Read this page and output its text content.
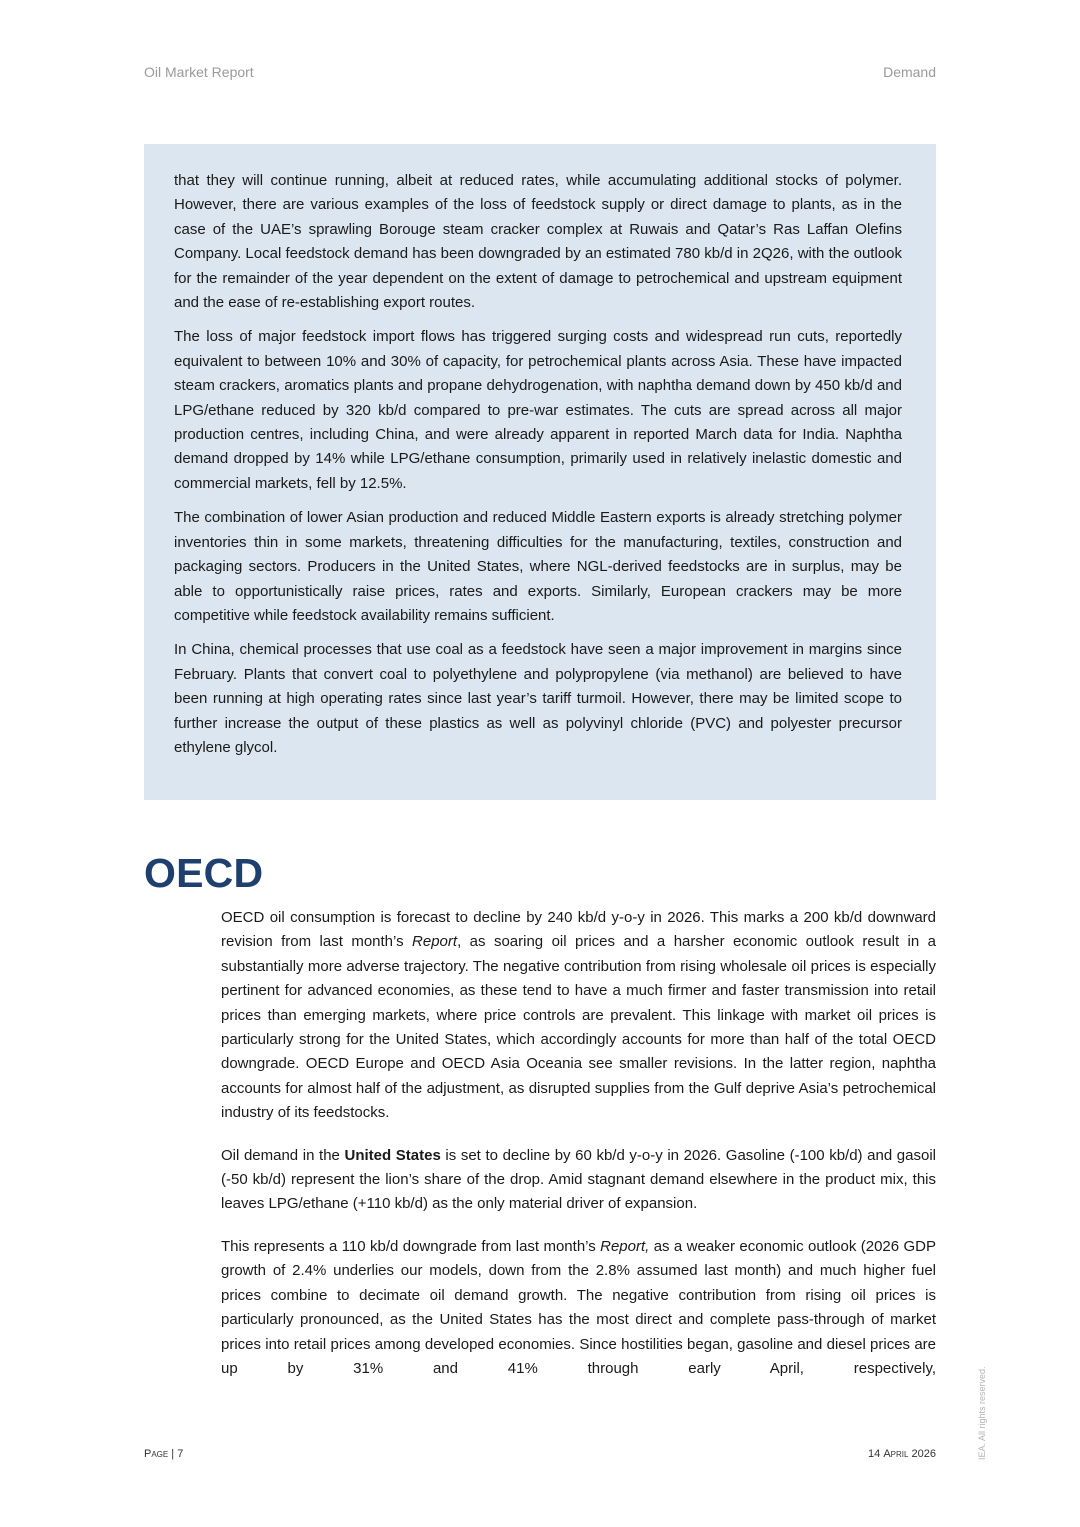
Oil Market Report	Demand

that they will continue running, albeit at reduced rates, while accumulating additional stocks of polymer. However, there are various examples of the loss of feedstock supply or direct damage to plants, as in the case of the UAE’s sprawling Borouge steam cracker complex at Ruwais and Qatar’s Ras Laffan Olefins Company. Local feedstock demand has been downgraded by an estimated 780 kb/d in 2Q26, with the outlook for the remainder of the year dependent on the extent of damage to petrochemical and upstream equipment and the ease of re-establishing export routes.

The loss of major feedstock import flows has triggered surging costs and widespread run cuts, reportedly equivalent to between 10% and 30% of capacity, for petrochemical plants across Asia. These have impacted steam crackers, aromatics plants and propane dehydrogenation, with naphtha demand down by 450 kb/d and LPG/ethane reduced by 320 kb/d compared to pre-war estimates. The cuts are spread across all major production centres, including China, and were already apparent in reported March data for India. Naphtha demand dropped by 14% while LPG/ethane consumption, primarily used in relatively inelastic domestic and commercial markets, fell by 12.5%.

The combination of lower Asian production and reduced Middle Eastern exports is already stretching polymer inventories thin in some markets, threatening difficulties for the manufacturing, textiles, construction and packaging sectors. Producers in the United States, where NGL-derived feedstocks are in surplus, may be able to opportunistically raise prices, rates and exports. Similarly, European crackers may be more competitive while feedstock availability remains sufficient.

In China, chemical processes that use coal as a feedstock have seen a major improvement in margins since February. Plants that convert coal to polyethylene and polypropylene (via methanol) are believed to have been running at high operating rates since last year’s tariff turmoil. However, there may be limited scope to further increase the output of these plastics as well as polyvinyl chloride (PVC) and polyester precursor ethylene glycol.

OECD

OECD oil consumption is forecast to decline by 240 kb/d y-o-y in 2026. This marks a 200 kb/d downward revision from last month’s Report, as soaring oil prices and a harsher economic outlook result in a substantially more adverse trajectory. The negative contribution from rising wholesale oil prices is especially pertinent for advanced economies, as these tend to have a much firmer and faster transmission into retail prices than emerging markets, where price controls are prevalent. This linkage with market oil prices is particularly strong for the United States, which accordingly accounts for more than half of the total OECD downgrade. OECD Europe and OECD Asia Oceania see smaller revisions. In the latter region, naphtha accounts for almost half of the adjustment, as disrupted supplies from the Gulf deprive Asia’s petrochemical industry of its feedstocks.

Oil demand in the United States is set to decline by 60 kb/d y-o-y in 2026. Gasoline (-100 kb/d) and gasoil (-50 kb/d) represent the lion’s share of the drop. Amid stagnant demand elsewhere in the product mix, this leaves LPG/ethane (+110 kb/d) as the only material driver of expansion.

This represents a 110 kb/d downgrade from last month’s Report, as a weaker economic outlook (2026 GDP growth of 2.4% underlies our models, down from the 2.8% assumed last month) and much higher fuel prices combine to decimate oil demand growth. The negative contribution from rising oil prices is particularly pronounced, as the United States has the most direct and complete pass-through of market prices into retail prices among developed economies. Since hostilities began, gasoline and diesel prices are up by 31% and 41% through early April, respectively,

Page | 7	14 April 2026	IEA. All rights reserved.
